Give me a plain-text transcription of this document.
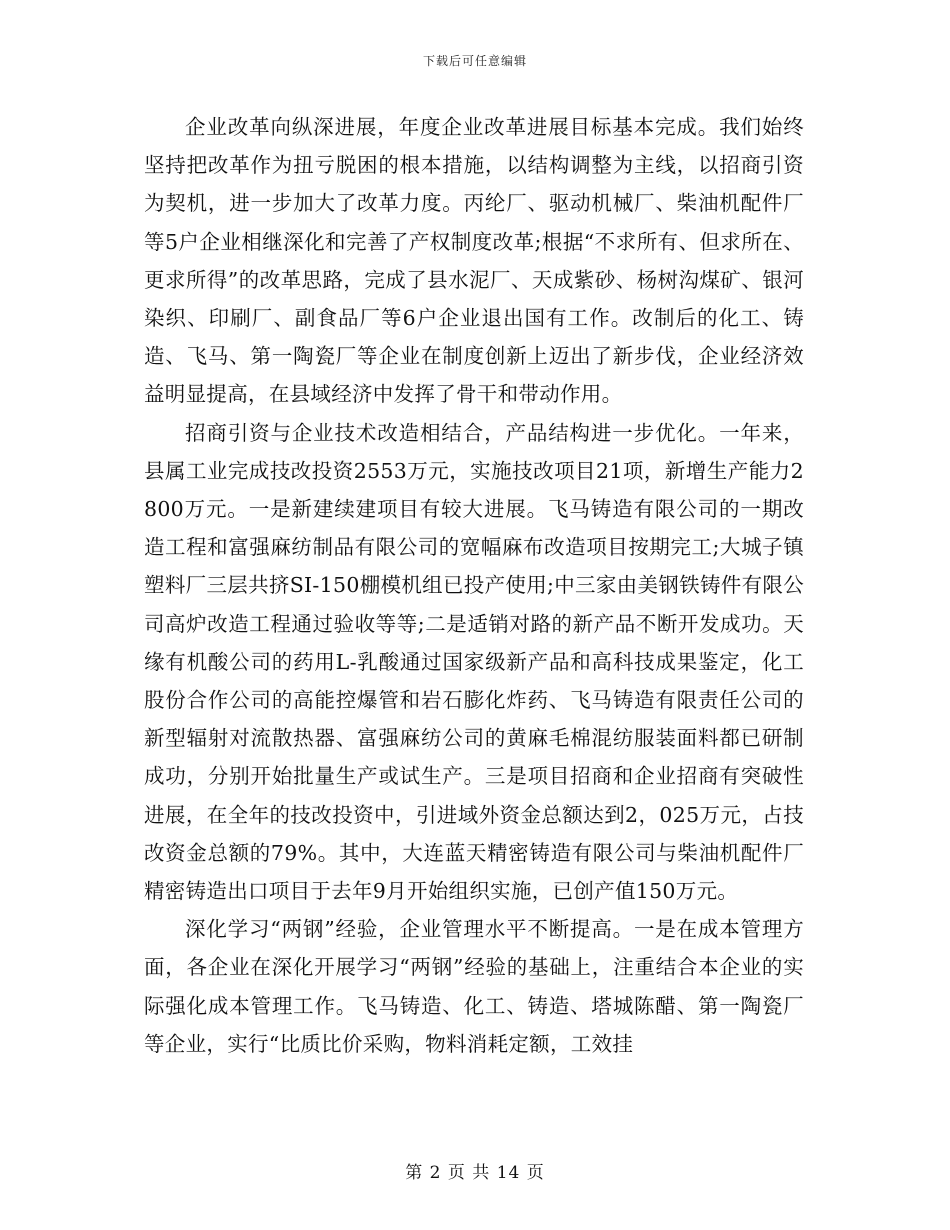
下载后可任意编辑

企业改革向纵深进展，年度企业改革进展目标基本完成。我们始终坚持把改革作为扭亏脱困的根本措施，以结构调整为主线，以招商引资为契机，进一步加大了改革力度。丙纶厂、驱动机械厂、柴油机配件厂等5户企业相继深化和完善了产权制度改革;根据“不求所有、但求所在、更求所得”的改革思路，完成了县水泥厂、天成紫砂、杨树沟煤矿、银河染织、印刷厂、副食品厂等6户企业退出国有工作。改制后的化工、铸造、飞马、第一陶瓷厂等企业在制度创新上迈出了新步伐，企业经济效益明显提高，在县域经济中发挥了骨干和带动作用。

招商引资与企业技术改造相结合，产品结构进一步优化。一年来，县属工业完成技改投资2553万元，实施技改项目21项，新增生产能力2800万元。一是新建续建项目有较大进展。飞马铸造有限公司的一期改造工程和富强麻纺制品有限公司的宽幅麻布改造项目按期完工;大城子镇塑料厂三层共挤SI-150棚模机组已投产使用;中三家由美钢铁铸件有限公司高炉改造工程通过验收等等;二是适销对路的新产品不断开发成功。天缘有机酸公司的药用L-乳酸通过国家级新产品和高科技成果鉴定，化工股份合作公司的高能控爆管和岩石膨化炸药、飞马铸造有限责任公司的新型辐射对流散热器、富强麻纺公司的黄麻毛棉混纺服装面料都已研制成功，分别开始批量生产或试生产。三是项目招商和企业招商有突破性进展，在全年的技改投资中，引进域外资金总额达到2，025万元，占技改资金总额的79%。其中，大连蓝天精密铸造有限公司与柴油机配件厂精密铸造出口项目于去年9月开始组织实施，已创产值150万元。

深化学习“两钢”经验，企业管理水平不断提高。一是在成本管理方面，各企业在深化开展学习“两钢”经验的基础上，注重结合本企业的实际强化成本管理工作。飞马铸造、化工、铸造、塔城陈醋、第一陶瓷厂等企业，实行“比质比价采购，物料消耗定额，工效挂

第 2 页 共 14 页
